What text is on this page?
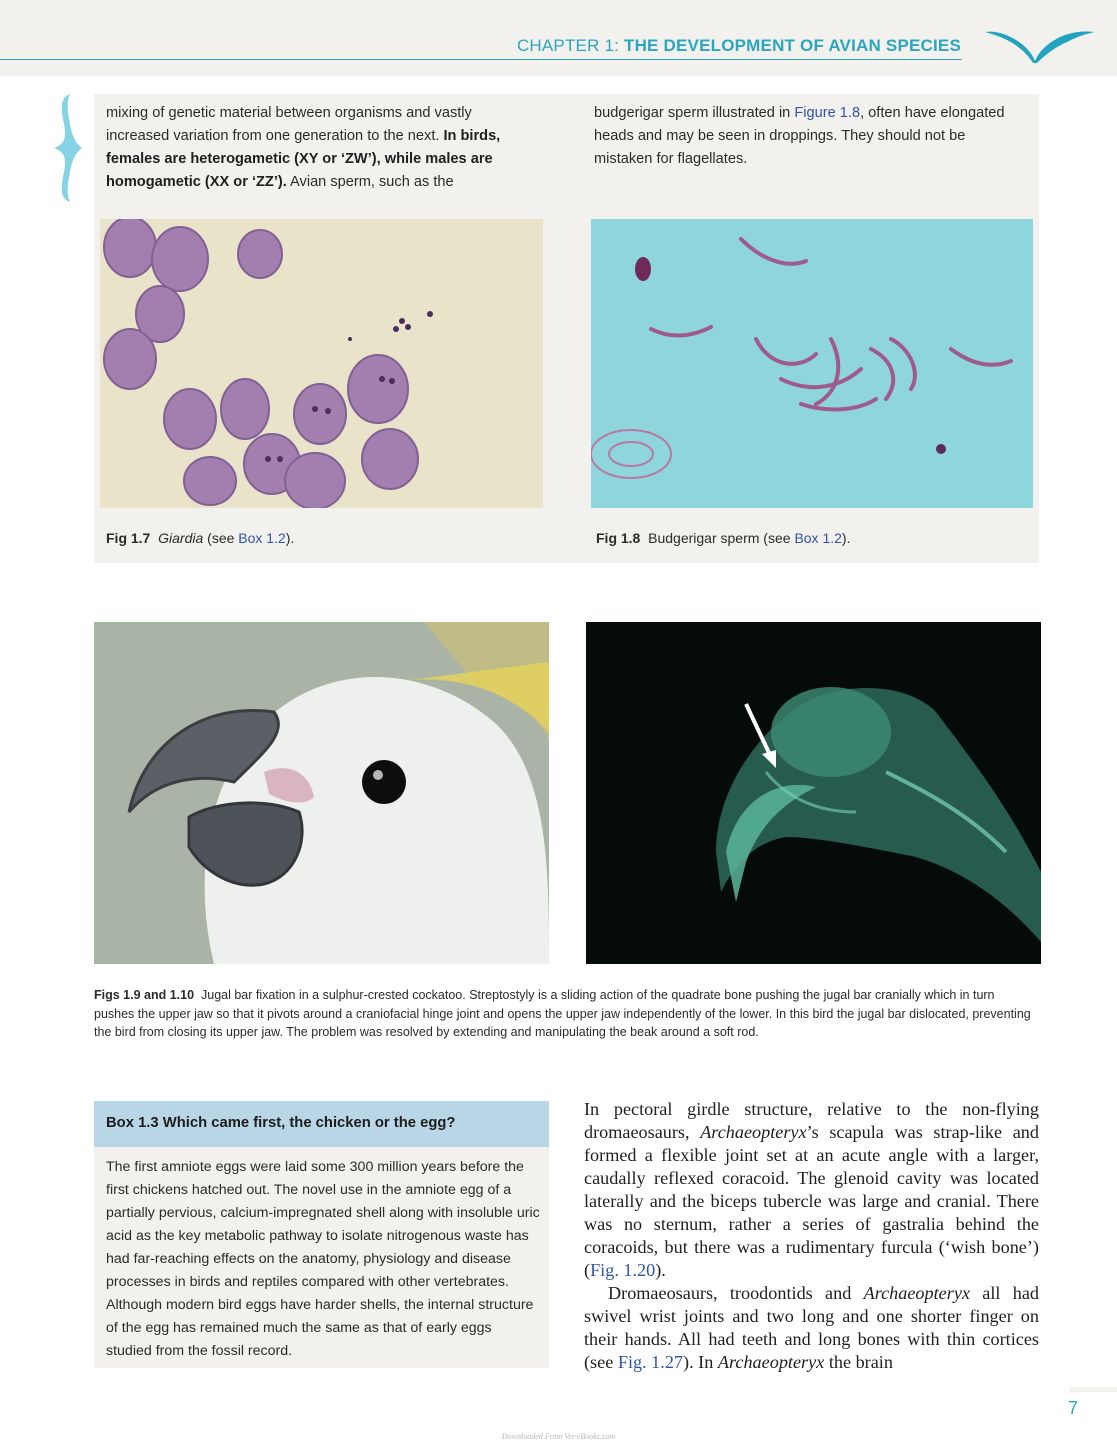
CHAPTER 1: THE DEVELOPMENT OF AVIAN SPECIES
mixing of genetic material between organisms and vastly increased variation from one generation to the next. In birds, females are heterogametic (XY or ‘ZW’), while males are homogametic (XX or ‘ZZ’). Avian sperm, such as the
budgerigar sperm illustrated in Figure 1.8, often have elongated heads and may be seen in droppings. They should not be mistaken for flagellates.
Fig 1.7 Giardia (see Box 1.2).	Fig 1.8 Budgerigar sperm (see Box 1.2).
Figs 1.9 and 1.10 Jugal bar fixation in a sulphur-crested cockatoo. Streptostyly is a sliding action of the quadrate bone pushing the jugal bar cranially which in turn pushes the upper jaw so that it pivots around a craniofacial hinge joint and opens the upper jaw independently of the lower. In this bird the jugal bar dislocated, preventing the bird from closing its upper jaw. The problem was resolved by extending and manipulating the beak around a soft rod.
Box 1.3 Which came first, the chicken or the egg?
The first amniote eggs were laid some 300 million years before the first chickens hatched out. The novel use in the amniote egg of a partially pervious, calcium-impregnated shell along with insoluble uric acid as the key metabolic pathway to isolate nitrogenous waste has had far-reaching effects on the anatomy, physiology and disease processes in birds and reptiles compared with other vertebrates. Although modern bird eggs have harder shells, the internal structure of the egg has remained much the same as that of early eggs studied from the fossil record.

In pectoral girdle structure, relative to the non-flying dromaeosaurs, Archaeopteryx’s scapula was strap-like and formed a flexible joint set at an acute angle with a larger, caudally reflexed coracoid. The glenoid cavity was located laterally and the biceps tubercle was large and cranial. There was no sternum, rather a series of gastralia behind the coracoids, but there was a rudimentary furcula (‘wish bone’) (Fig. 1.20).

Dromaeosaurs, troodontids and Archaeopteryx all had swivel wrist joints and two long and one shorter finger on their hands. All had teeth and long bones with thin cortices (see Fig. 1.27). In Archaeopteryx the brain

7
Downloaded From Vet-eBooks.com
